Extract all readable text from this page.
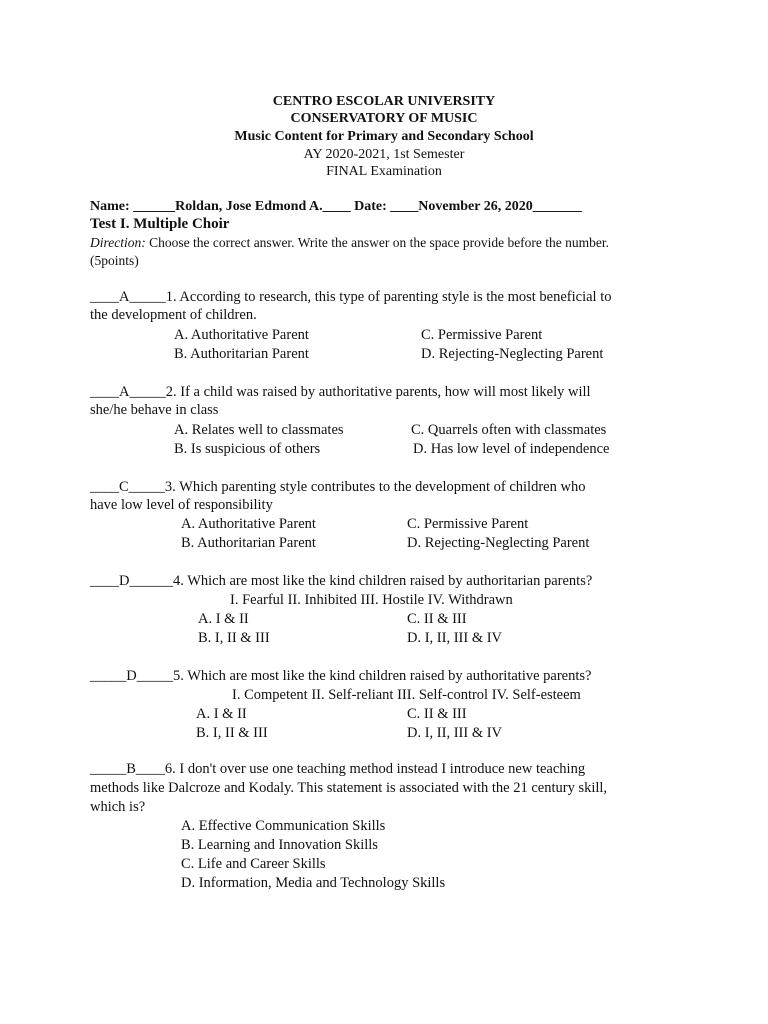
CENTRO ESCOLAR UNIVERSITY
CONSERVATORY OF MUSIC
Music Content for Primary and Secondary School
AY 2020-2021, 1st Semester
FINAL Examination
Name: ______Roldan, Jose Edmond A.____ Date: ____November 26, 2020_______
Test I. Multiple Choir
Direction: Choose the correct answer. Write the answer on the space provide before the number.
(5points)
____A_____1. According to research, this type of parenting style is the most beneficial to
the development of children.
A. Authoritative Parent	C. Permissive Parent
B. Authoritarian Parent	D. Rejecting-Neglecting Parent
____A_____2. If a child was raised by authoritative parents, how will most likely will
she/he behave in class
A. Relates well to classmates	C. Quarrels often with classmates
B. Is suspicious of others	D. Has low level of independence
____C_____3. Which parenting style contributes to the development of children who
have low level of responsibility
A. Authoritative Parent	C. Permissive Parent
B. Authoritarian Parent	D. Rejecting-Neglecting Parent
____D______4. Which are most like the kind children raised by authoritarian parents?
I. Fearful II. Inhibited III. Hostile IV. Withdrawn
A. I & II	C. II & III
B. I, II & III	D. I, II, III & IV
_____D_____5. Which are most like the kind children raised by authoritative parents?
I. Competent II. Self-reliant III. Self-control IV. Self-esteem
A. I & II	C. II & III
B. I, II & III	D. I, II, III & IV
_____B____6. I don't over use one teaching method instead I introduce new teaching
methods like Dalcroze and Kodaly. This statement is associated with the 21 century skill,
which is?
A. Effective Communication Skills
B. Learning and Innovation Skills
C. Life and Career Skills
D. Information, Media and Technology Skills
